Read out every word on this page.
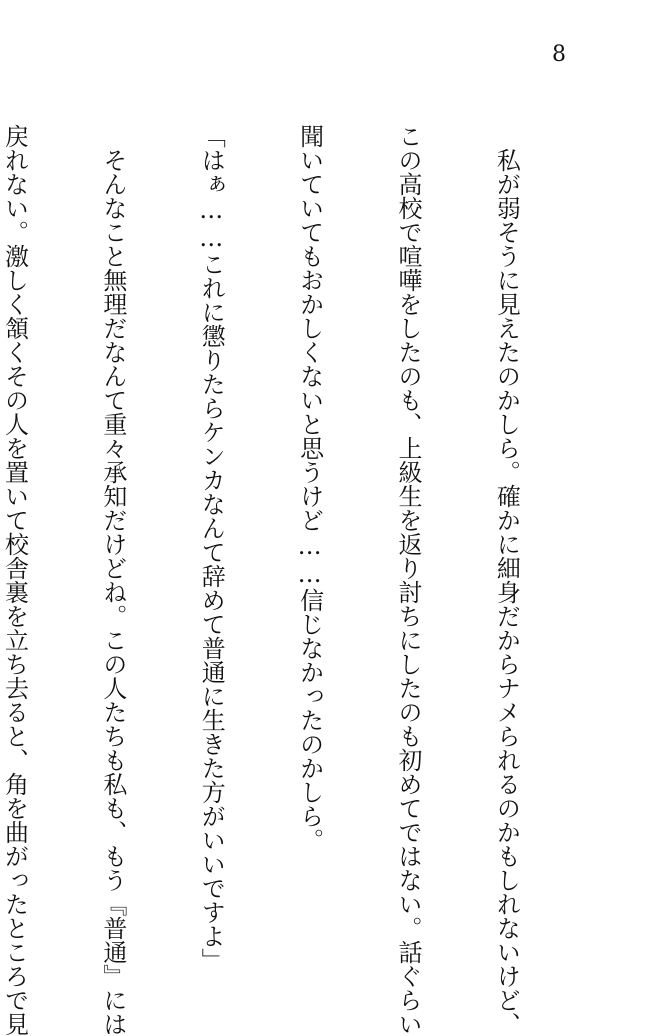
8

　私が弱そうに見えたのかしら。確かに細身だからナメられるのかもしれないけど、

この高校で喧嘩をしたのも、上級生を返り討ちにしたのも初めてではない。話ぐらい

聞いていてもおかしくないと思うけど……信じなかったのかしら。

「はぁ……これに懲りたらケンカなんて辞めて普通に生きた方がいいですよ」

　そんなこと無理だなんて重々承知だけどね。この人たちも私も、もう『普通』には

戻れない。激しく頷くその人を置いて校舎裏を立ち去ると、角を曲がったところで見
